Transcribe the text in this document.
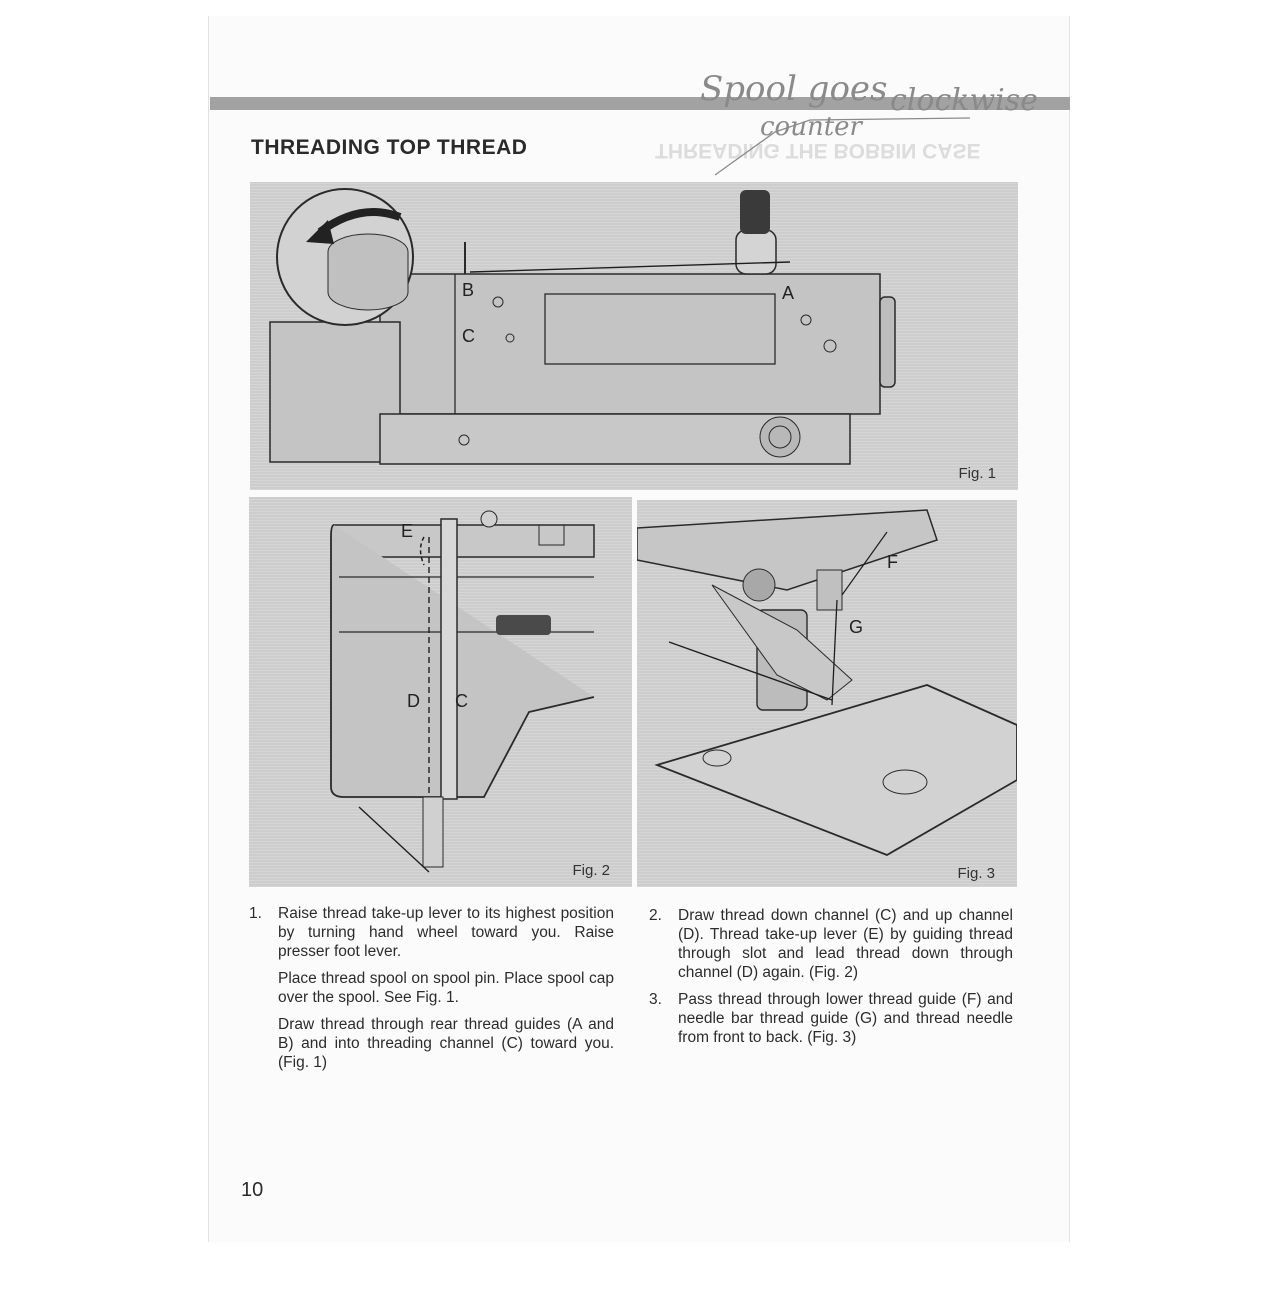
THREADING TOP THREAD	THREADING THE BOBBIN CASE
Spool goes
counter
clockwise
B
C
A
Fig. 1
E
D C
Fig. 2
F
G
Fig. 3
1. Raise thread take-up lever to its highest position by turning hand wheel toward you. Raise presser foot lever.

Place thread spool on spool pin. Place spool cap over the spool. See Fig. 1.

Draw thread through rear thread guides (A and B) and into threading channel (C) toward you. (Fig. 1)

2. Draw thread down channel (C) and up channel (D). Thread take-up lever (E) by guiding thread through slot and lead thread down through channel (D) again. (Fig. 2)

3. Pass thread through lower thread guide (F) and needle bar thread guide (G) and thread needle from front to back. (Fig. 3)

10
